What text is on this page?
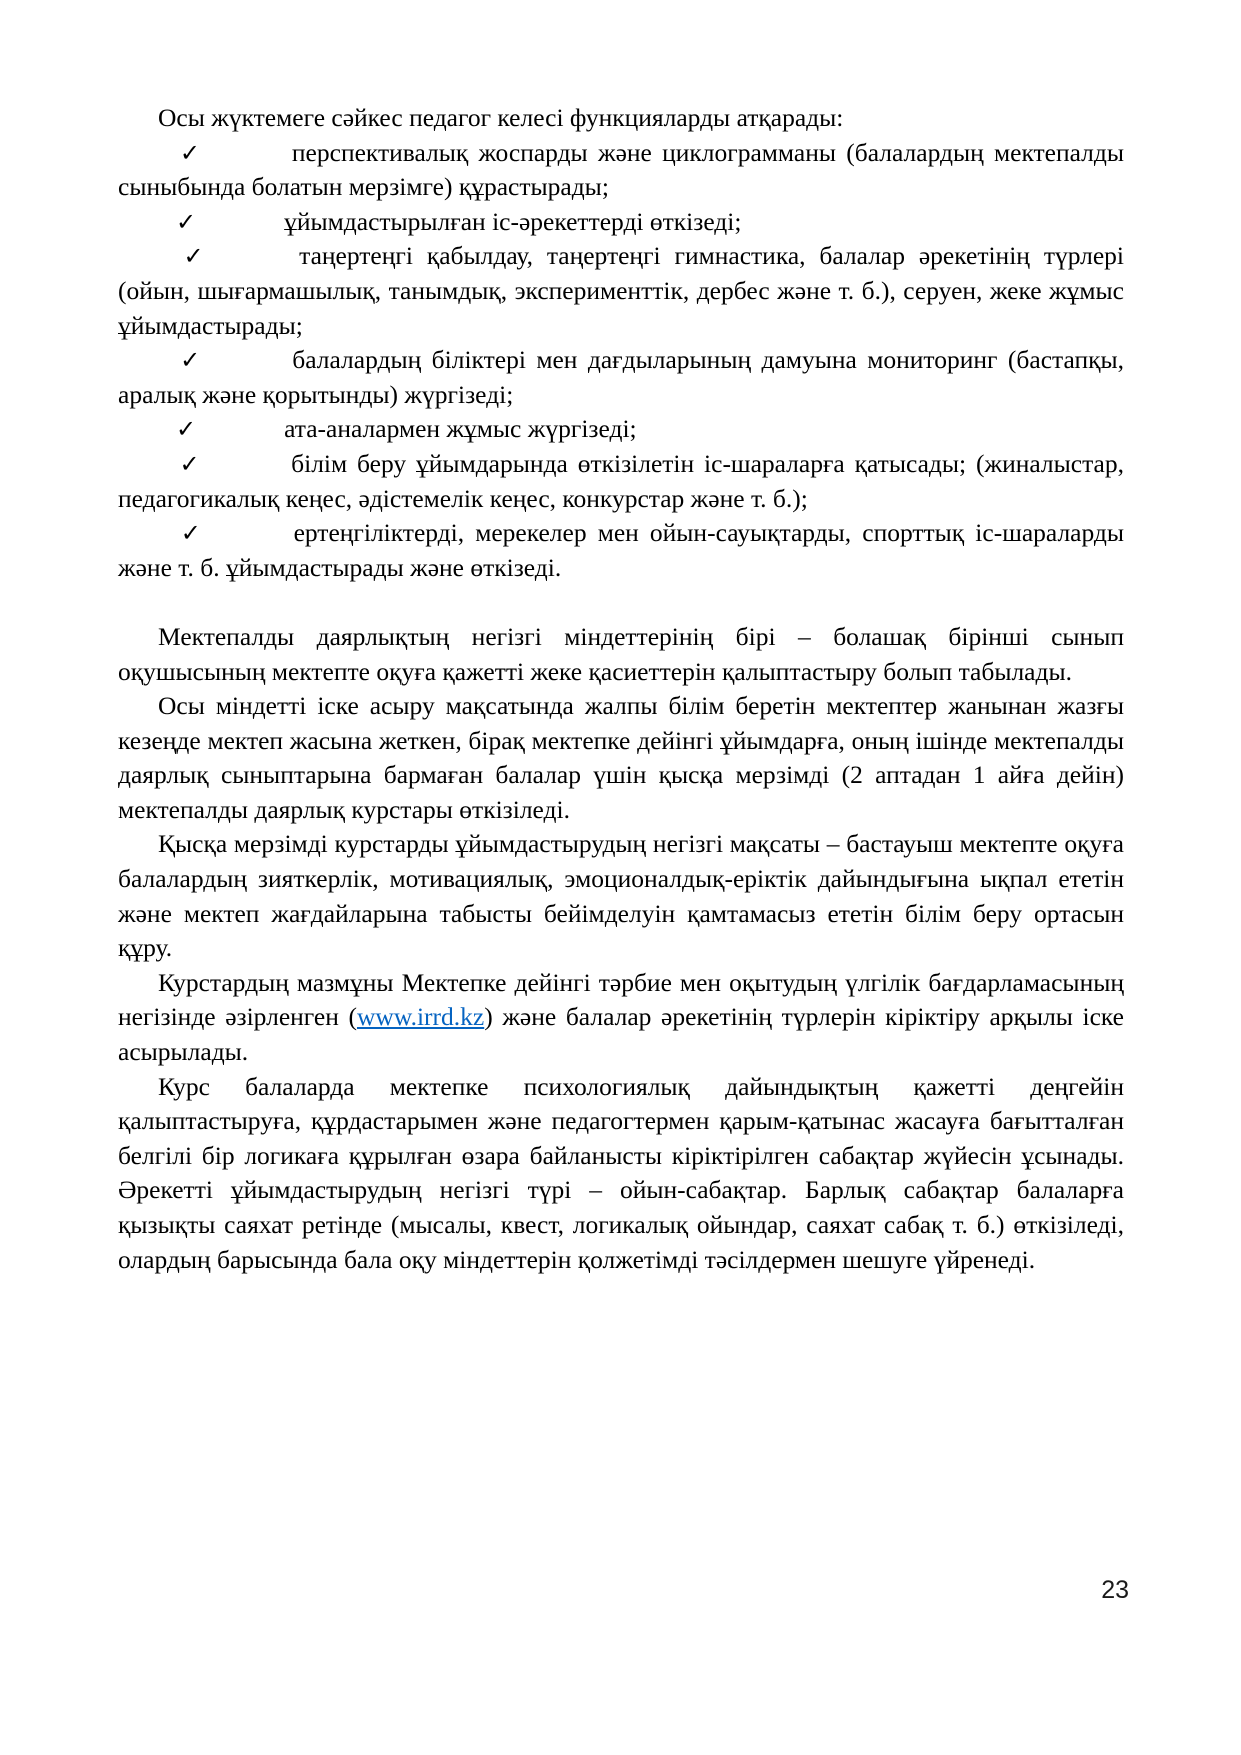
Осы жүктемеге сәйкес педагог келесі функцияларды атқарады:

✓	перспективалық жоспарды және циклограмманы (балалардың мектепалды сыныбында болатын мерзімге) құрастырады;

✓	ұйымдастырылған іс-әрекеттерді өткізеді;

✓	таңертеңгі қабылдау, таңертеңгі гимнастика, балалар әрекетінің түрлері (ойын, шығармашылық, танымдық, эксперименттік, дербес және т. б.), серуен, жеке жұмыс ұйымдастырады;

✓	балалардың біліктері мен дағдыларының дамуына мониторинг (бастапқы, аралық және қорытынды) жүргізеді;

✓	ата-аналармен жұмыс жүргізеді;

✓	білім беру ұйымдарында өткізілетін іс-шараларға қатысады; (жиналыстар, педагогикалық кеңес, әдістемелік кеңес, конкурстар және т. б.);

✓	ертеңгіліктерді, мерекелер мен ойын-сауықтарды, спорттық іс-шараларды және т. б. ұйымдастырады және өткізеді.

Мектепалды даярлықтың негізгі міндеттерінің бірі – болашақ бірінші сынып оқушысының мектепте оқуға қажетті жеке қасиеттерін қалыптастыру болып табылады.

Осы міндетті іске асыру мақсатында жалпы білім беретін мектептер жанынан жазғы кезеңде мектеп жасына жеткен, бірақ мектепке дейінгі ұйымдарға, оның ішінде мектепалды даярлық сыныптарына бармаған балалар үшін қысқа мерзімді (2 аптадан 1 айға дейін) мектепалды даярлық курстары өткізіледі.

Қысқа мерзімді курстарды ұйымдастырудың негізгі мақсаты – бастауыш мектепте оқуға балалардың зияткерлік, мотивациялық, эмоционалдық-еріктік дайындығына ықпал ететін және мектеп жағдайларына табысты бейімделуін қамтамасыз ететін білім беру ортасын құру.

Курстардың мазмұны Мектепке дейінгі тәрбие мен оқытудың үлгілік бағдарламасының негізінде әзірленген (www.irrd.kz) және балалар әрекетінің түрлерін кіріктіру арқылы іске асырылады.

Курс балаларда мектепке психологиялық дайындықтың қажетті деңгейін қалыптастыруға, құрдастарымен және педагогтермен қарым-қатынас жасауға бағытталған белгілі бір логикаға құрылған өзара байланысты кіріктірілген сабақтар жүйесін ұсынады. Әрекетті ұйымдастырудың негізгі түрі – ойын-сабақтар. Барлық сабақтар балаларға қызықты саяхат ретінде (мысалы, квест, логикалық ойындар, саяхат сабақ т. б.) өткізіледі, олардың барысында бала оқу міндеттерін қолжетімді тәсілдермен шешуге үйренеді.

23
